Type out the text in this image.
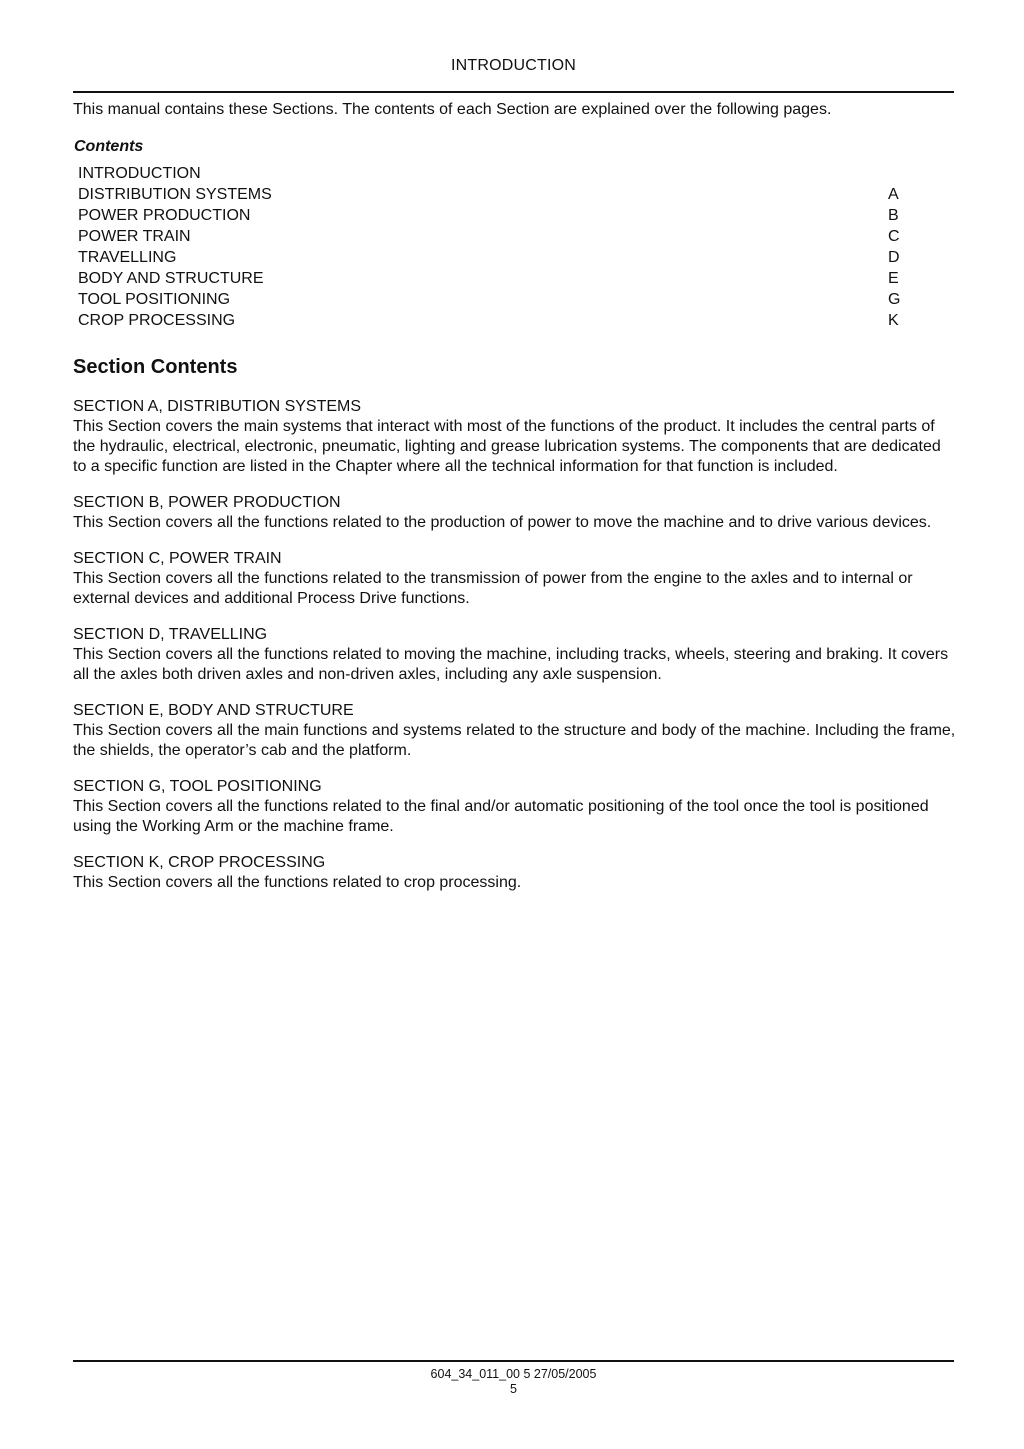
INTRODUCTION
This manual contains these Sections. The contents of each Section are explained over the following pages.
Contents
INTRODUCTION
DISTRIBUTION SYSTEMS	A
POWER PRODUCTION	B
POWER TRAIN	C
TRAVELLING	D
BODY AND STRUCTURE	E
TOOL POSITIONING	G
CROP PROCESSING	K
Section Contents
SECTION A, DISTRIBUTION SYSTEMS
This Section covers the main systems that interact with most of the functions of the product. It includes the central parts of the hydraulic, electrical, electronic, pneumatic, lighting and grease lubrication systems. The components that are dedicated to a specific function are listed in the Chapter where all the technical information for that function is included.
SECTION B, POWER PRODUCTION
This Section covers all the functions related to the production of power to move the machine and to drive various devices.
SECTION C, POWER TRAIN
This Section covers all the functions related to the transmission of power from the engine to the axles and to internal or external devices and additional Process Drive functions.
SECTION D, TRAVELLING
This Section covers all the functions related to moving the machine, including tracks, wheels, steering and braking. It covers all the axles both driven axles and non-driven axles, including any axle suspension.
SECTION E, BODY AND STRUCTURE
This Section covers all the main functions and systems related to the structure and body of the machine. Including the frame, the shields, the operator’s cab and the platform.
SECTION G, TOOL POSITIONING
This Section covers all the functions related to the final and/or automatic positioning of the tool once the tool is positioned using the Working Arm or the machine frame.
SECTION K, CROP PROCESSING
This Section covers all the functions related to crop processing.
604_34_011_00 5 27/05/2005
5
